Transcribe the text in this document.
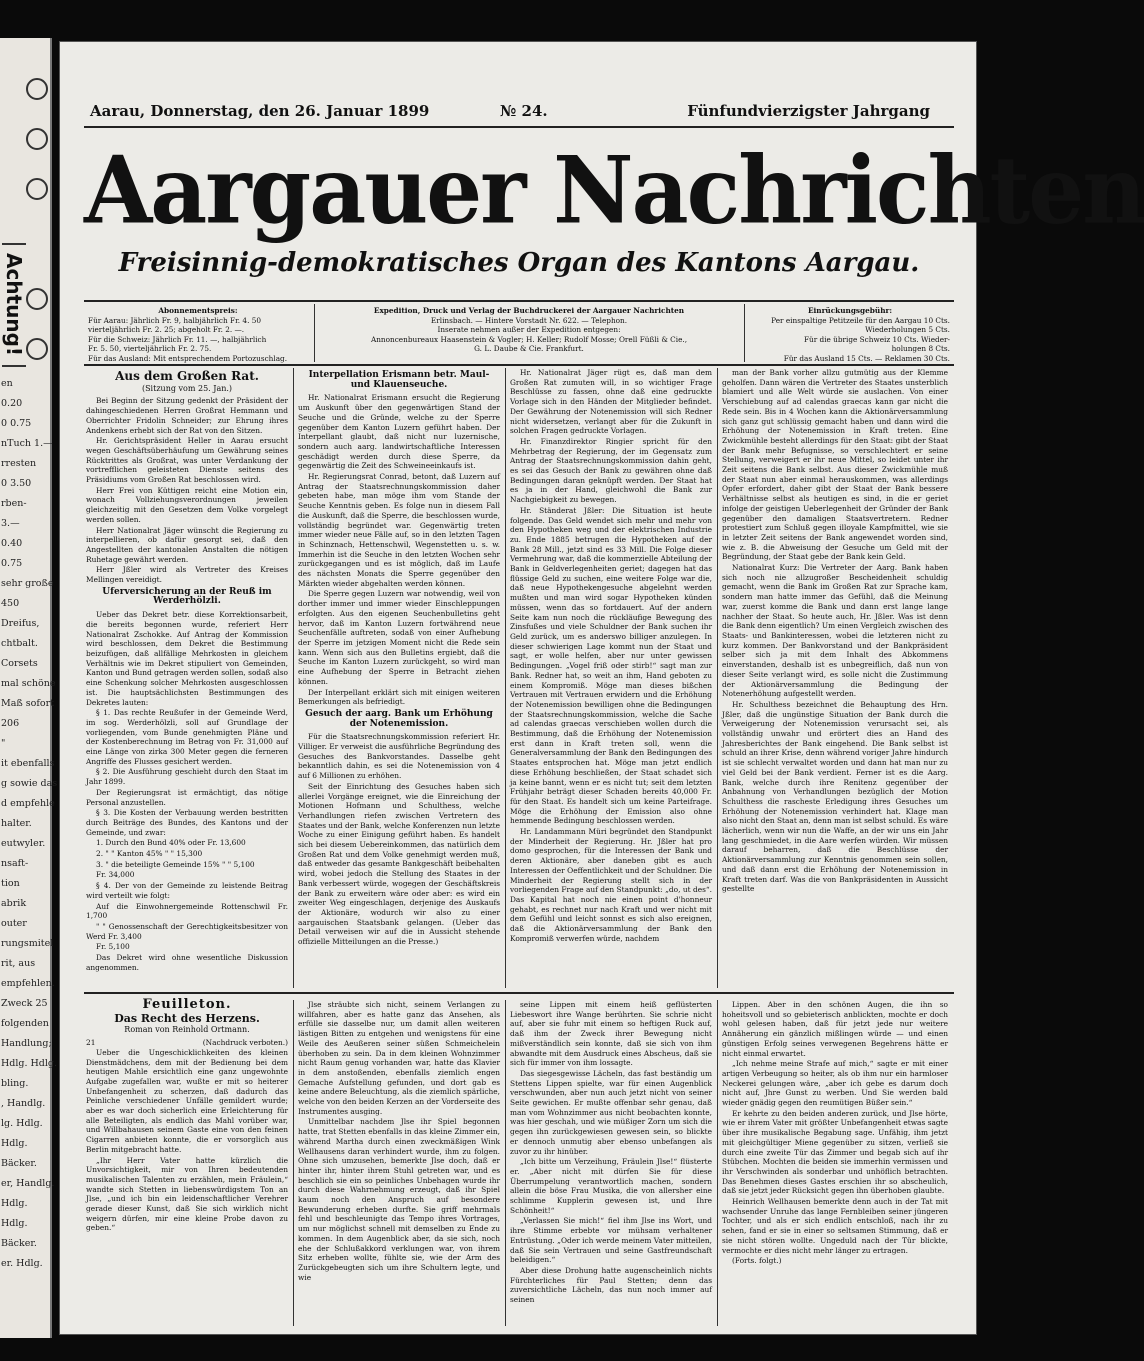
en
0.20
0 0.75
nTuch 1.—
rresten
0 3.50
rben-
3.—
0.40
0.75
sehr große
450
Dreifus,
chtbalt.
Corsets
mal schöne
Maß sofort
206
"
it ebenfalls
g sowie das
d empfehle
halter.
eutwyler.
nsaft-
tion
abrik
outer
rungsmitel
rit, aus
empfehlen.
Zweck 25
folgenden
Handlung;
Hdlg. Hdlg.
bling.
, Handlg.
lg. Hdlg.
Hdlg.
Bäcker.
er, Handlg.
Hdlg.
Hdlg.
Bäcker.
er. Hdlg.
Achtung!
Aarau, Donnerstag, den 26. Januar 1899	№ 24.	Fünfundvierzigster Jahrgang
Aargauer Nachrichten
Freisinnig-demokratisches Organ des Kantons Aargau.
Abonnementspreis:
Für Aarau: Jährlich Fr. 9, halbjährlich Fr. 4. 50
vierteljährlich Fr. 2. 25; abgeholt Fr. 2. —.
Für die Schweiz: Jährlich Fr. 11. —, halbjährlich
Fr. 5. 50, vierteljährlich Fr. 2. 75.
Für das Ausland: Mit entsprechendem Portozuschlag.
Expedition, Druck und Verlag der Buchdruckerei der Aargauer Nachrichten
Erlinsbach. — Hintere Vorstadt Nr. 622. — Telephon.
Inserate nehmen außer der Expedition entgegen:
Annoncenbureaux Haasenstein & Vogler; H. Keller; Rudolf Mosse; Orell Füßli & Cie.,
G. L. Daube & Cie. Frankfurt.
Einrückungsgebühr:
Per einspaltige Petitzeile für den Aargau 10 Cts.
Wiederholungen 5 Cts.
Für die übrige Schweiz 10 Cts. Wieder-
holungen 8 Cts.
Für das Ausland 15 Cts. — Reklamen 30 Cts.
Aus dem Großen Rat.
(Sitzung vom 25. Jan.)

Bei Beginn der Sitzung gedenkt der Präsident der dahingeschiedenen Herren Großrat Hemmann und Oberrichter Fridolin Schneider; zur Ehrung ihres Andenkens erhebt sich der Rat von den Sitzen.

Hr. Gerichtspräsident Heller in Aarau ersucht wegen Geschäftsüberhäufung um Gewährung seines Rücktrittes als Großrat, was unter Verdankung der vortrefflichen geleisteten Dienste seitens des Präsidiums vom Großen Rat beschlossen wird.

Herr Frei von Küttigen reicht eine Motion ein, wonach Vollziehungsverordnungen jeweilen gleichzeitig mit den Gesetzen dem Volke vorgelegt werden sollen.

Herr Nationalrat Jäger wünscht die Regierung zu interpellieren, ob dafür gesorgt sei, daß den Angestellten der kantonalen Anstalten die nötigen Ruhetage gewährt werden.

Herr Jßler wird als Vertreter des Kreises Mellingen vereidigt.

Uferversicherung an der Reuß im Werderhölzli.

Ueber das Dekret betr. diese Korrektionsarbeit, die bereits begonnen wurde, referiert Herr Nationalrat Zschokke. Auf Antrag der Kommission wird beschlossen, dem Dekret die Bestimmung beizufügen, daß allfällige Mehrkosten in gleichem Verhältnis wie im Dekret stipuliert von Gemeinden, Kanton und Bund getragen werden sollen, sodaß also eine Schenkung solcher Mehrkosten ausgeschlossen ist. Die hauptsächlichsten Bestimmungen des Dekretes lauten:

§ 1. Das rechte Reußufer in der Gemeinde Werd, im sog. Werderhölzli, soll auf Grundlage der vorliegenden, vom Bunde genehmigten Pläne und der Kostenberechnung im Betrag von Fr. 31,000 auf eine Länge von zirka 300 Meter gegen die ferneren Angriffe des Flusses gesichert werden.

§ 2. Die Ausführung geschieht durch den Staat im Jahr 1899.

Der Regierungsrat ist ermächtigt, das nötige Personal anzustellen.

§ 3. Die Kosten der Verbauung werden bestritten durch Beiträge des Bundes, des Kantons und der Gemeinde, und zwar:

1. Durch den Bund 40% oder Fr. 13,600

2. " " Kanton 45% " " 15,300

3. " die beteiligte Gemeinde 15% " " 5,100

Fr. 34,000

§ 4. Der von der Gemeinde zu leistende Beitrag wird verteilt wie folgt:

Auf die Einwohnergemeinde Rottenschwil Fr. 1,700

" " Genossenschaft der Gerechtigkeitsbesitzer von Werd Fr. 3,400

Fr. 5,100

Das Dekret wird ohne wesentliche Diskussion angenommen.

Interpellation Erismann betr. Maul- und Klauenseuche.

Hr. Nationalrat Erismann ersucht die Regierung um Auskunft über den gegenwärtigen Stand der Seuche und die Gründe, welche zu der Sperre gegenüber dem Kanton Luzern geführt haben. Der Interpellant glaubt, daß nicht nur luzernische, sondern auch aarg. landwirtschaftliche Interessen geschädigt werden durch diese Sperre, da gegenwärtig die Zeit des Schweineeinkaufs ist.

Hr. Regierungsrat Conrad, betont, daß Luzern auf Antrag der Staatsrechnungskommission daher gebeten habe, man möge ihm vom Stande der Seuche Kenntnis geben. Es folge nun in diesem Fall die Auskunft, daß die Sperre, die beschlossen wurde, vollständig begründet war. Gegenwärtig treten immer wieder neue Fälle auf, so in den letzten Tagen in Schinznach, Hettenschwil, Wegenstetten u. s. w. Immerhin ist die Seuche in den letzten Wochen sehr zurückgegangen und es ist möglich, daß im Laufe des nächsten Monats die Sperre gegenüber den Märkten wieder abgehalten werden können.

Die Sperre gegen Luzern war notwendig, weil von dorther immer und immer wieder Einschleppungen erfolgten. Aus den eigenen Seuchenbulletins geht hervor, daß im Kanton Luzern fortwährend neue Seuchenfälle auftreten, sodaß von einer Aufhebung der Sperre im jetzigen Moment nicht die Rede sein kann. Wenn sich aus den Bulletins ergiebt, daß die Seuche im Kanton Luzern zurückgeht, so wird man eine Aufhebung der Sperre in Betracht ziehen können.

Der Interpellant erklärt sich mit einigen weiteren Bemerkungen als befriedigt.

Gesuch der aarg. Bank um Erhöhung der Notenemission.

Für die Staatsrechnungskommission referiert Hr. Villiger. Er verweist die ausführliche Begründung des Gesuches des Bankvorstandes. Dasselbe geht bekanntlich dahin, es sei die Notenemission von 4 auf 6 Millionen zu erhöhen.

Seit der Einrichtung des Gesuches haben sich allerlei Vorgänge ereignet, wie die Einreichung der Motionen Hofmann und Schulthess, welche Verhandlungen riefen zwischen Vertretern des Staates und der Bank, welche Konferenzen nun letzte Woche zu einer Einigung geführt haben. Es handelt sich bei diesem Uebereinkommen, das natürlich dem Großen Rat und dem Volke genehmigt werden muß, daß entweder das gesamte Bankgeschäft beibehalten wird, wobei jedoch die Stellung des Staates in der Bank verbessert würde, wogegen der Geschäftskreis der Bank zu erweitern wäre oder aber: es wird ein zweiter Weg eingeschlagen, derjenige des Auskaufs der Aktionäre, wodurch wir also zu einer aargauischen Staatsbank gelangen. (Ueber das Detail verweisen wir auf die in Aussicht stehende offizielle Mitteilungen an die Presse.)

Hr. Nationalrat Jäger rügt es, daß man dem Großen Rat zumuten will, in so wichtiger Frage Beschlüsse zu fassen, ohne daß eine gedruckte Vorlage sich in den Händen der Mitglieder befindet. Der Gewährung der Notenemission will sich Redner nicht widersetzen, verlangt aber für die Zukunft in solchen Fragen gedruckte Vorlagen.

Hr. Finanzdirektor Ringier spricht für den Mehrbetrag der Regierung, der im Gegensatz zum Antrag der Staatsrechnungskommission dahin geht, es sei das Gesuch der Bank zu gewähren ohne daß Bedingungen daran geknüpft werden. Der Staat hat es ja in der Hand, gleichwohl die Bank zur Nachgiebigkeit zu bewegen.

Hr. Ständerat Jßler: Die Situation ist heute folgende. Das Geld wendet sich mehr und mehr von den Hypotheken weg und der elektrischen Industrie zu. Ende 1885 betrugen die Hypotheken auf der Bank 28 Mill., jetzt sind es 33 Mill. Die Folge dieser Vermehrung war, daß die kommerzielle Abteilung der Bank in Geldverlegenheiten geriet; dagegen hat das flüssige Geld zu suchen, eine weitere Folge war die, daß neue Hypothekengesuche abgelehnt werden mußten und man wird sogar Hypotheken künden müssen, wenn das so fortdauert. Auf der andern Seite kam nun noch die rückläufige Bewegung des Zinsfußes und viele Schuldner der Bank suchen ihr Geld zurück, um es anderswo billiger anzulegen. In dieser schwierigen Lage kommt nun der Staat und sagt, er wolle helfen, aber nur unter gewissen Bedingungen. „Vogel friß oder stirb!“ sagt man zur Bank. Redner hat, so weit an ihm, Hand geboten zu einem Kompromiß. Möge man dieses bißchen Vertrauen mit Vertrauen erwidern und die Erhöhung der Notenemission bewilligen ohne die Bedingungen der Staatsrechnungskommission, welche die Sache ad calendas graecas verschieben wollen durch die Bestimmung, daß die Erhöhung der Notenemission erst dann in Kraft treten soll, wenn die Generalversammlung der Bank den Bedingungen des Staates entsprochen hat. Möge man jetzt endlich diese Erhöhung beschließen, der Staat schadet sich ja keine bannt, wenn er es nicht tut; seit dem letzten Frühjahr beträgt dieser Schaden bereits 40,000 Fr. für den Staat. Es handelt sich um keine Parteifrage. Möge die Erhöhung der Emission also ohne hemmende Bedingung beschlossen werden.

Hr. Landammann Müri begründet den Standpunkt der Minderheit der Regierung. Hr. Jßler hat pro domo gesprochen, für die Interessen der Bank und deren Aktionäre, aber daneben gibt es auch Interessen der Oeffentlichkeit und der Schuldner. Die Minderheit der Regierung stellt sich in der vorliegenden Frage auf den Standpunkt: „do, ut des“. Das Kapital hat noch nie einen point d'honneur gehabt, es rechnet nur nach Kraft und wer nicht mit dem Gefühl und leicht sonnst es sich also ereignen, daß die Aktionärversammlung der Bank den Kompromiß verwerfen würde, nachdem

man der Bank vorher allzu gutmütig aus der Klemme geholfen. Dann wären die Vertreter des Staates unsterblich blamiert und alle Welt würde sie auslachen. Von einer Verschiebung auf ad calendas graecas kann gar nicht die Rede sein. Bis in 4 Wochen kann die Aktionärversammlung sich ganz gut schlüssig gemacht haben und dann wird die Erhöhung der Notenemission in Kraft treten. Eine Zwickmühle besteht allerdings für den Staat: gibt der Staat der Bank mehr Befugnisse, so verschlechtert er seine Stellung, verweigert er ihr neue Mittel, so leidet unter ihr Zeit seitens die Bank selbst. Aus dieser Zwickmühle muß der Staat nun aber einmal herauskommen, was allerdings Opfer erfordert, daher gibt der Staat der Bank bessere Verhältnisse selbst als heutigen es sind, in die er geriet infolge der geistigen Ueberlegenheit der Gründer der Bank gegenüber den damaligen Staatsvertretern. Redner protestiert zum Schluß gegen illoyale Kampfmittel, wie sie in letzter Zeit seitens der Bank angewendet worden sind, wie z. B. die Abweisung der Gesuche um Geld mit der Begründung, der Staat gebe der Bank kein Geld.

Nationalrat Kurz: Die Vertreter der Aarg. Bank haben sich noch nie allzugroßer Bescheidenheit schuldig gemacht, wenn die Bank im Großen Rat zur Sprache kam, sondern man hatte immer das Gefühl, daß die Meinung war, zuerst komme die Bank und dann erst lange lange nachher der Staat. So heute auch, Hr. Jßler. Was ist denn die Bank denn eigentlich? Um einen Vergleich zwischen des Staats- und Bankinteressen, wobei die letzteren nicht zu kurz kommen. Der Bankvorstand und der Bankpräsident selber sich ja mit dem Inhalt des Abkommens einverstanden, deshalb ist es unbegreiflich, daß nun von dieser Seite verlangt wird, es solle nicht die Zustimmung der Aktionärversammlung die Bedingung der Notenerhöhung aufgestellt werden.

Hr. Schulthess bezeichnet die Behauptung des Hrn. Jßler, daß die ungünstige Situation der Bank durch die Verweigerung der Notenemission verursacht sei, als vollständig unwahr und erörtert dies an Hand des Jahresberichtes der Bank eingehend. Die Bank selbst ist schuld an ihrer Krise, denn während voriger Jahre hindurch ist sie schlecht verwaltet worden und dann hat man nur zu viel Geld bei der Bank verdient. Ferner ist es die Aarg. Bank, welche durch ihre Renitenz gegenüber der Anbahnung von Verhandlungen bezüglich der Motion Schulthess die rascheste Erledigung ihres Gesuches um Erhöhung der Notenemission verhindert hat. Klage man also nicht den Staat an, denn man ist selbst schuld. Es wäre lächerlich, wenn wir nun die Waffe, an der wir uns ein Jahr lang geschmiedet, in die Aare werfen würden. Wir müssen darauf beharren, daß die Beschlüsse der Aktionärversammlung zur Kenntnis genommen sein sollen, und daß dann erst die Erhöhung der Notenemission in Kraft treten darf. Was die von Bankpräsidenten in Aussicht gestellte

Feuilleton.
Das Recht des Herzens.
Roman von Reinhold Ortmann.
21	(Nachdruck verboten.)

Ueber die Ungeschicklichkeiten des kleinen Dienstmädchens, dem mit der Bedienung bei dem heutigen Mahle ersichtlich eine ganz ungewohnte Aufgabe zugefallen war, wußte er mit so heiterer Unbefangenheit zu scherzen, daß dadurch das Peinliche verschiedener Unfälle gemildert wurde; aber es war doch sicherlich eine Erleichterung für alle Beteiligten, als endlich das Mahl vorüber war, und Willbahausen seinem Gaste eine von den feinen Cigarren anbieten konnte, die er vorsorglich aus Berlin mitgebracht hatte.

„Ihr Herr Vater hatte kürzlich die Unvorsichtigkeit, mir von Ihren bedeutenden musikalischen Talenten zu erzählen, mein Fräulein,“ wandte sich Stetten in liebenswürdigstem Ton an Jlse, „und ich bin ein leidenschaftlicher Verehrer gerade dieser Kunst, daß Sie sich wirklich nicht weigern dürfen, mir eine kleine Probe davon zu geben.“

Jlse sträubte sich nicht, seinem Verlangen zu willfahren, aber es hatte ganz das Ansehen, als erfülle sie dasselbe nur, um damit allen weiteren lästigen Bitten zu entgehen und wenigstens für eine Weile des Aeußeren seiner süßen Schmeichelein überhoben zu sein. Da in dem kleinen Wohnzimmer nicht Raum genug vorhanden war, hatte das Klavier in dem anstoßenden, ebenfalls ziemlich engen Gemache Aufstellung gefunden, und dort gab es keine andere Beleuchtung, als die ziemlich spärliche, welche von den beiden Kerzen an der Vorderseite des Instrumentes ausging.

Unmittelbar nachdem Jlse ihr Spiel begonnen hatte, trat Stetten ebenfalls in das kleine Zimmer ein, während Martha durch einen zweckmäßigen Wink Wellhausens daran verhindert wurde, ihm zu folgen. Ohne sich umzusehen, bemerkte Jlse doch, daß er hinter ihr, hinter ihrem Stuhl getreten war, und es beschlich sie ein so peinliches Unbehagen wurde ihr durch diese Wahrnehmung erzeugt, daß ihr Spiel kaum noch den Anspruch auf besondere Bewunderung erheben durfte. Sie griff mehrmals fehl und beschleunigte das Tempo ihres Vortrages, um nur möglichst schnell mit demselben zu Ende zu kommen. In dem Augenblick aber, da sie sich, noch ehe der Schlußakkord verklungen war, von ihrem Sitz erheben wollte, fühlte sie, wie der Arm des Zurückgebeugten sich um ihre Schultern legte, und wie

seine Lippen mit einem heiß geflüsterten Liebeswort ihre Wange berührten. Sie schrie nicht auf, aber sie fuhr mit einem so heftigen Ruck auf, daß ihm der Zweck ihrer Bewegung nicht mißverständlich sein konnte, daß sie sich von ihm abwandte mit dem Ausdruck eines Abscheus, daß sie sich für immer von ihm lossagte.

Das siegesgewisse Lächeln, das fast beständig um Stettens Lippen spielte, war für einen Augenblick verschwunden, aber nun auch jetzt nicht von seiner Seite gewichen. Er mußte offenbar sehr genau, daß man vom Wohnzimmer aus nicht beobachten konnte, was hier geschah, und wie müßiger Zorn um sich die gegen ihn zurückgewiesen gewesen sein, so blickte er dennoch unmutig aber ebenso unbefangen als zuvor zu ihr hinüber.

„Ich bitte um Verzeihung, Fräulein Jlse!“ flüsterte er. „Aber nicht mit dürfen Sie für diese Überrumpelung verantwortlich machen, sondern allein die böse Frau Musika, die von allersher eine schlimme Kupplerin gewesen ist, und Ihre Schönheit!“

„Verlassen Sie mich!“ fiel ihm Jlse ins Wort, und ihre Stimme erbebte vor mühsam verhaltener Entrüstung. „Oder ich werde meinem Vater mitteilen, daß Sie sein Vertrauen und seine Gastfreundschaft beleidigen.“

Aber diese Drohung hatte augenscheinlich nichts Fürchterliches für Paul Stetten; denn das zuversichtliche Lächeln, das nun noch immer auf seinen

Lippen. Aber in den schönen Augen, die ihn so hoheitsvoll und so gebieterisch anblickten, mochte er doch wohl gelesen haben, daß für jetzt jede nur weitere Annäherung ein gänzlich mißlingen würde — und einen günstigen Erfolg seines verwegenen Begehrens hätte er nicht einmal erwartet.

„Ich nehme meine Strafe auf mich,“ sagte er mit einer artigen Verbeugung so heiter, als ob ihm nur ein harmloser Neckerei gelungen wäre, „aber ich gebe es darum doch nicht auf, Jhre Gunst zu werben. Und Sie werden bald wieder gnädig gegen den reumütigen Büßer sein.“

Er kehrte zu den beiden anderen zurück, und Jlse hörte, wie er ihrem Vater mit größter Unbefangenheit etwas sagte über ihre musikalische Begabung sage. Unfähig, ihm jetzt mit gleichgültiger Miene gegenüber zu sitzen, verließ sie durch eine zweite Tür das Zimmer und begab sich auf ihr Stübchen. Mochten die beiden sie immerhin vermissen und ihr Verschwinden als sonderbar und unhöflich betrachten. Das Benehmen dieses Gastes erschien ihr so abscheulich, daß sie jetzt jeder Rücksicht gegen ihn überhoben glaubte.

Heinrich Wellhausen bemerkte denn auch in der Tat mit wachsender Unruhe das lange Fernbleiben seiner jüngeren Tochter, und als er sich endlich entschloß, nach ihr zu sehen, fand er sie in einer so seltsamen Stimmung, daß er sie nicht stören wollte. Ungeduld nach der Tür blickte, vermochte er dies nicht mehr länger zu ertragen.

(Forts. folgt.)
